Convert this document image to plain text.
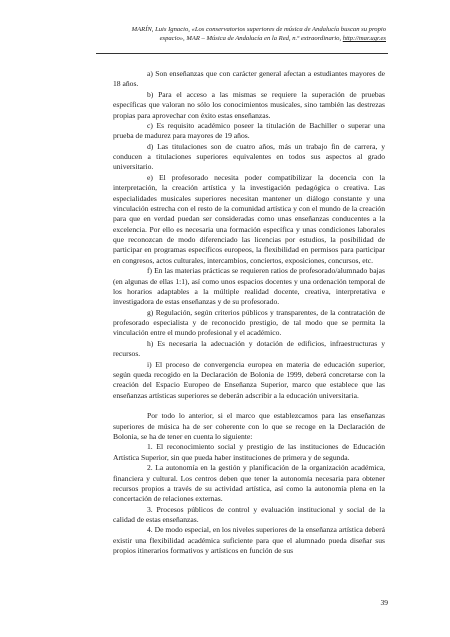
MARÍN, Luis Ignacio, «Los conservatorios superiores de música de Andalucía buscan su propio
espacio», MAR – Música de Andalucía en la Red, n.º extraordinario, http://mar.ugr.es

a) Son enseñanzas que con carácter general afectan a estudiantes mayores de 18 años.

b) Para el acceso a las mismas se requiere la superación de pruebas específicas que valoran no sólo los conocimientos musicales, sino también las destrezas propias para aprovechar con éxito estas enseñanzas.

c) Es requisito académico poseer la titulación de Bachiller o superar una prueba de madurez para mayores de 19 años.

d) Las titulaciones son de cuatro años, más un trabajo fin de carrera, y conducen a titulaciones superiores equivalentes en todos sus aspectos al grado universitario.

e) El profesorado necesita poder compatibilizar la docencia con la interpretación, la creación artística y la investigación pedagógica o creativa. Las especialidades musicales superiores necesitan mantener un diálogo constante y una vinculación estrecha con el resto de la comunidad artística y con el mundo de la creación para que en verdad puedan ser consideradas como unas enseñanzas conducentes a la excelencia. Por ello es necesaria una formación específica y unas condiciones laborales que reconozcan de modo diferenciado las licencias por estudios, la posibilidad de participar en programas específicos europeos, la flexibilidad en permisos para participar en congresos, actos culturales, intercambios, conciertos, exposiciones, concursos, etc.

f) En las materias prácticas se requieren ratios de profesorado/alumnado bajas (en algunas de ellas 1:1), así como unos espacios docentes y una ordenación temporal de los horarios adaptables a la múltiple realidad docente, creativa, interpretativa e investigadora de estas enseñanzas y de su profesorado.

g) Regulación, según criterios públicos y transparentes, de la contratación de profesorado especialista y de reconocido prestigio, de tal modo que se permita la vinculación entre el mundo profesional y el académico.

h) Es necesaria la adecuación y dotación de edificios, infraestructuras y recursos.

i) El proceso de convergencia europea en materia de educación superior, según queda recogido en la Declaración de Bolonia de 1999, deberá concretarse con la creación del Espacio Europeo de Enseñanza Superior, marco que establece que las enseñanzas artísticas superiores se deberán adscribir a la educación universitaria.

Por todo lo anterior, si el marco que establezcamos para las enseñanzas superiores de música ha de ser coherente con lo que se recoge en la Declaración de Bolonia, se ha de tener en cuenta lo siguiente:

1. El reconocimiento social y prestigio de las instituciones de Educación Artística Superior, sin que pueda haber instituciones de primera y de segunda.

2. La autonomía en la gestión y planificación de la organización académica, financiera y cultural. Los centros deben que tener la autonomía necesaria para obtener recursos propios a través de su actividad artística, así como la autonomía plena en la concertación de relaciones externas.

3. Procesos públicos de control y evaluación institucional y social de la calidad de estas enseñanzas.

4. De modo especial, en los niveles superiores de la enseñanza artística deberá existir una flexibilidad académica suficiente para que el alumnado pueda diseñar sus propios itinerarios formativos y artísticos en función de sus

39
